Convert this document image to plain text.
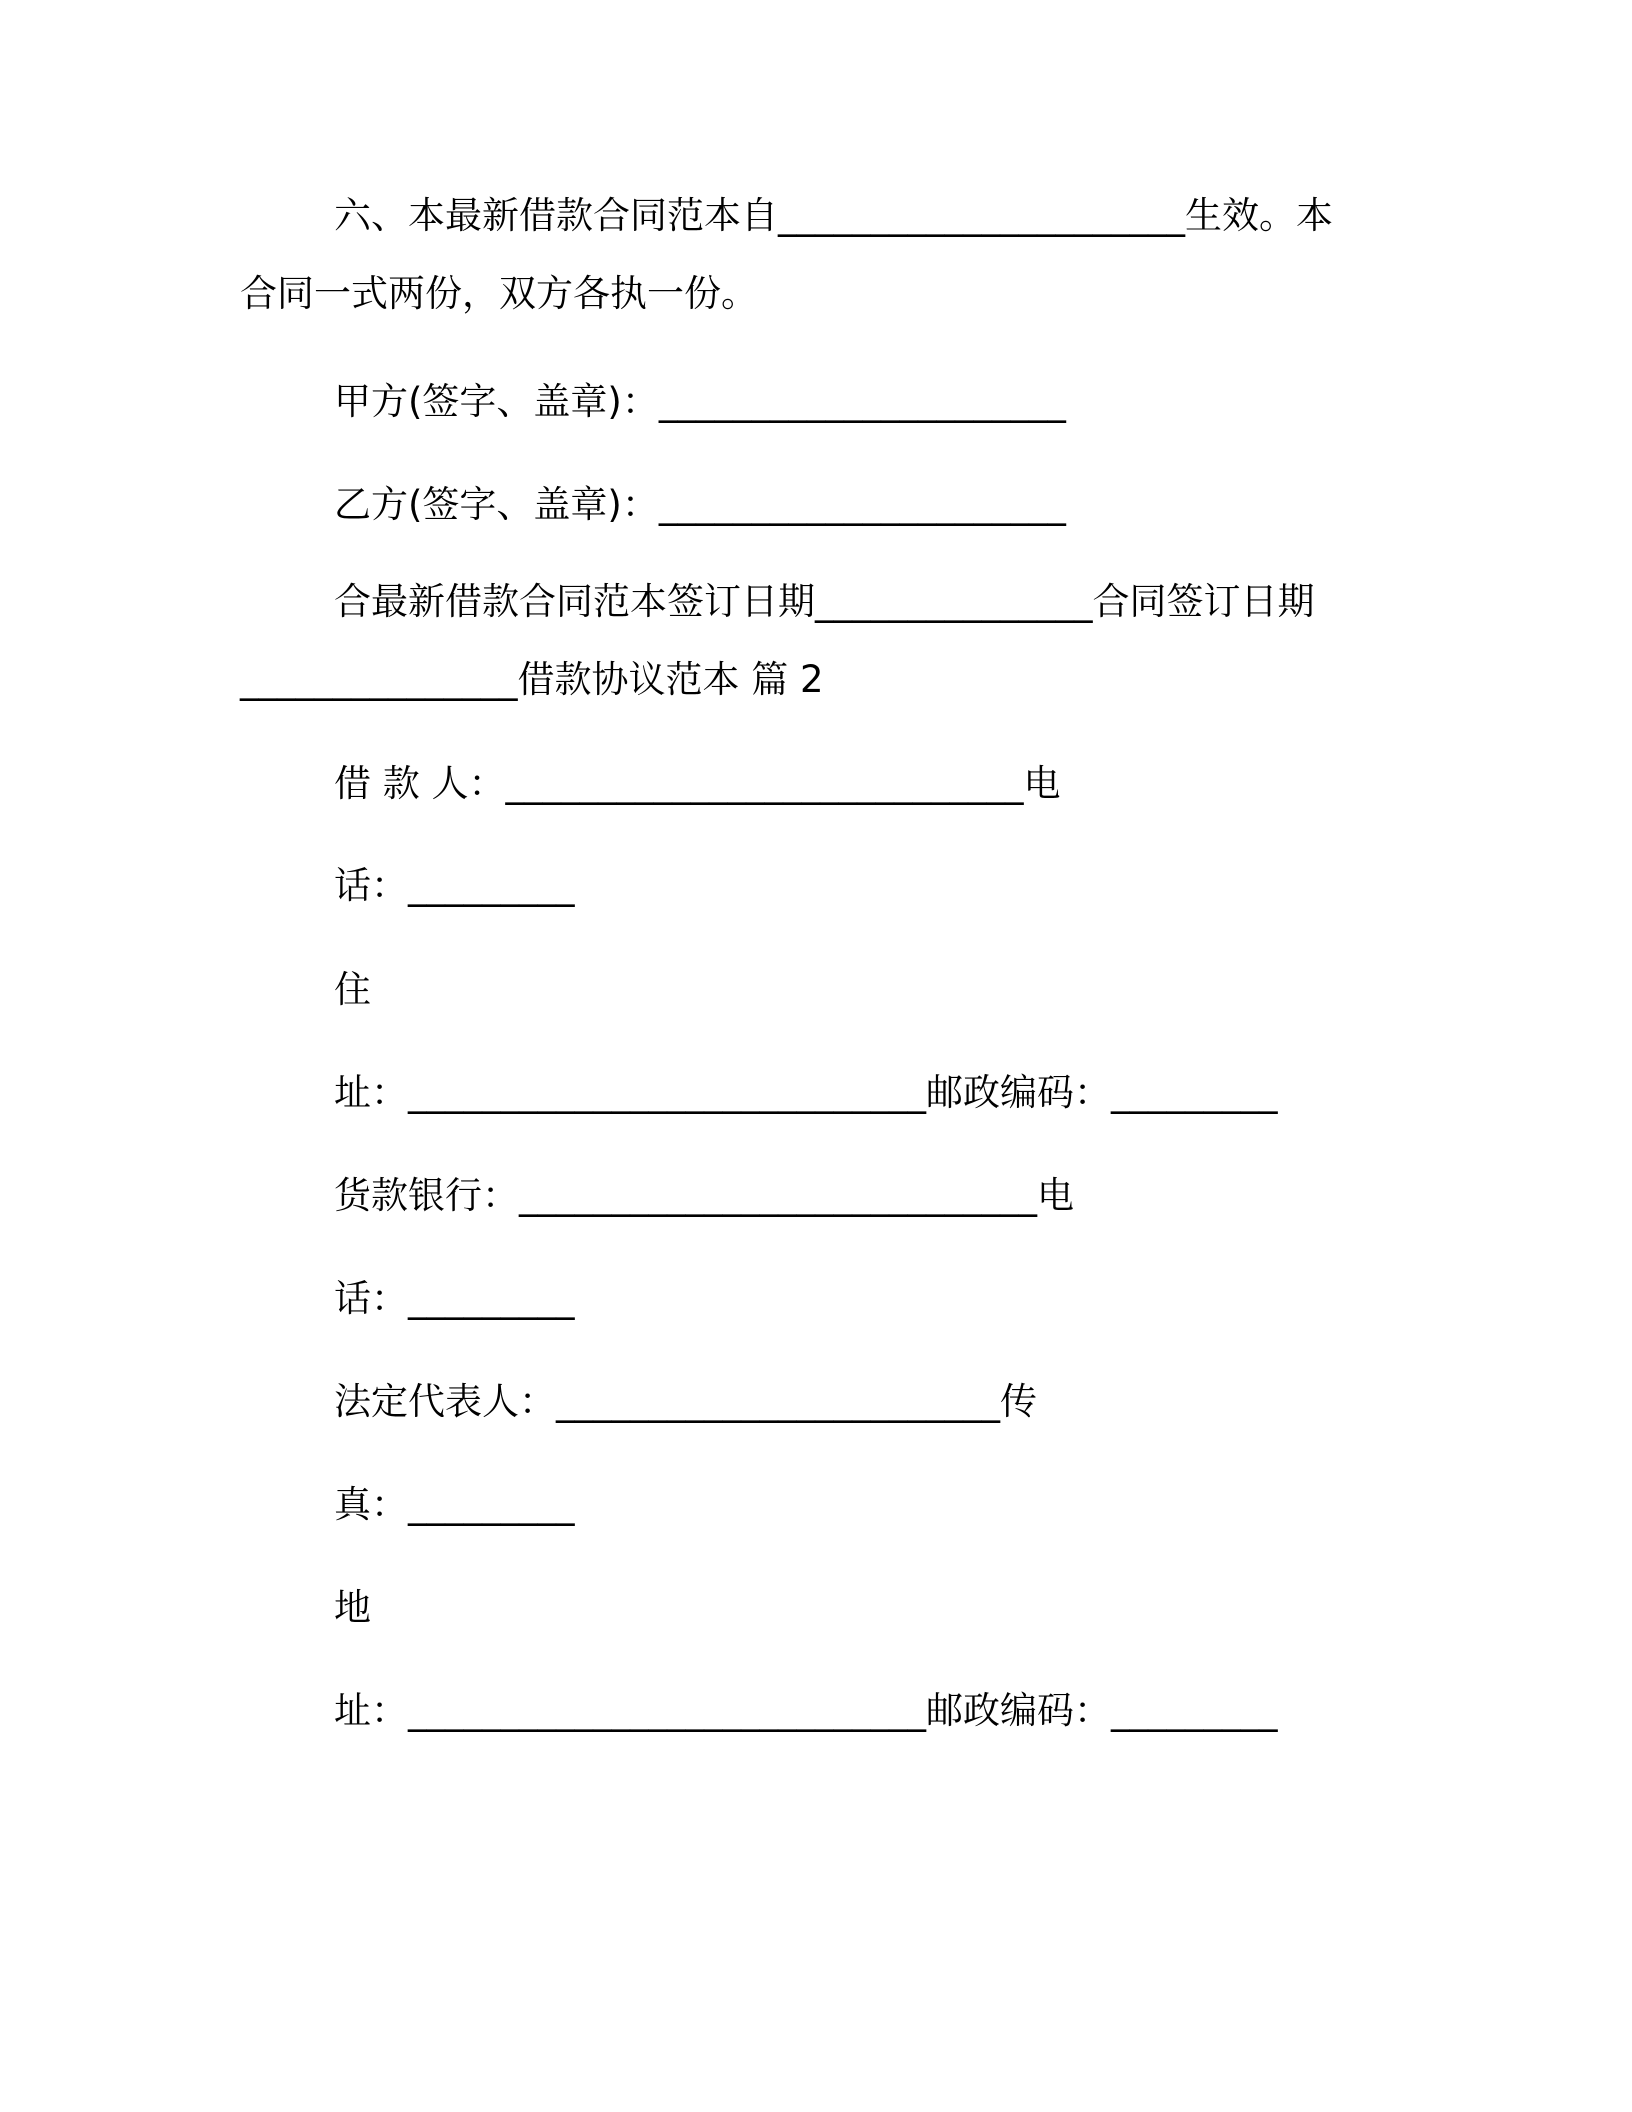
六、本最新借款合同范本自______________________生效。本

合同一式两份，双方各执一份。

甲方(签字、盖章)：______________________

乙方(签字、盖章)：______________________

合最新借款合同范本签订日期_______________合同签订日期

_______________借款协议范本 篇 2

借 款 人：____________________________电

话：_________

住

址：____________________________邮政编码：_________

货款银行：____________________________电

话：_________

法定代表人：________________________传

真：_________

地

址：____________________________邮政编码：_________
